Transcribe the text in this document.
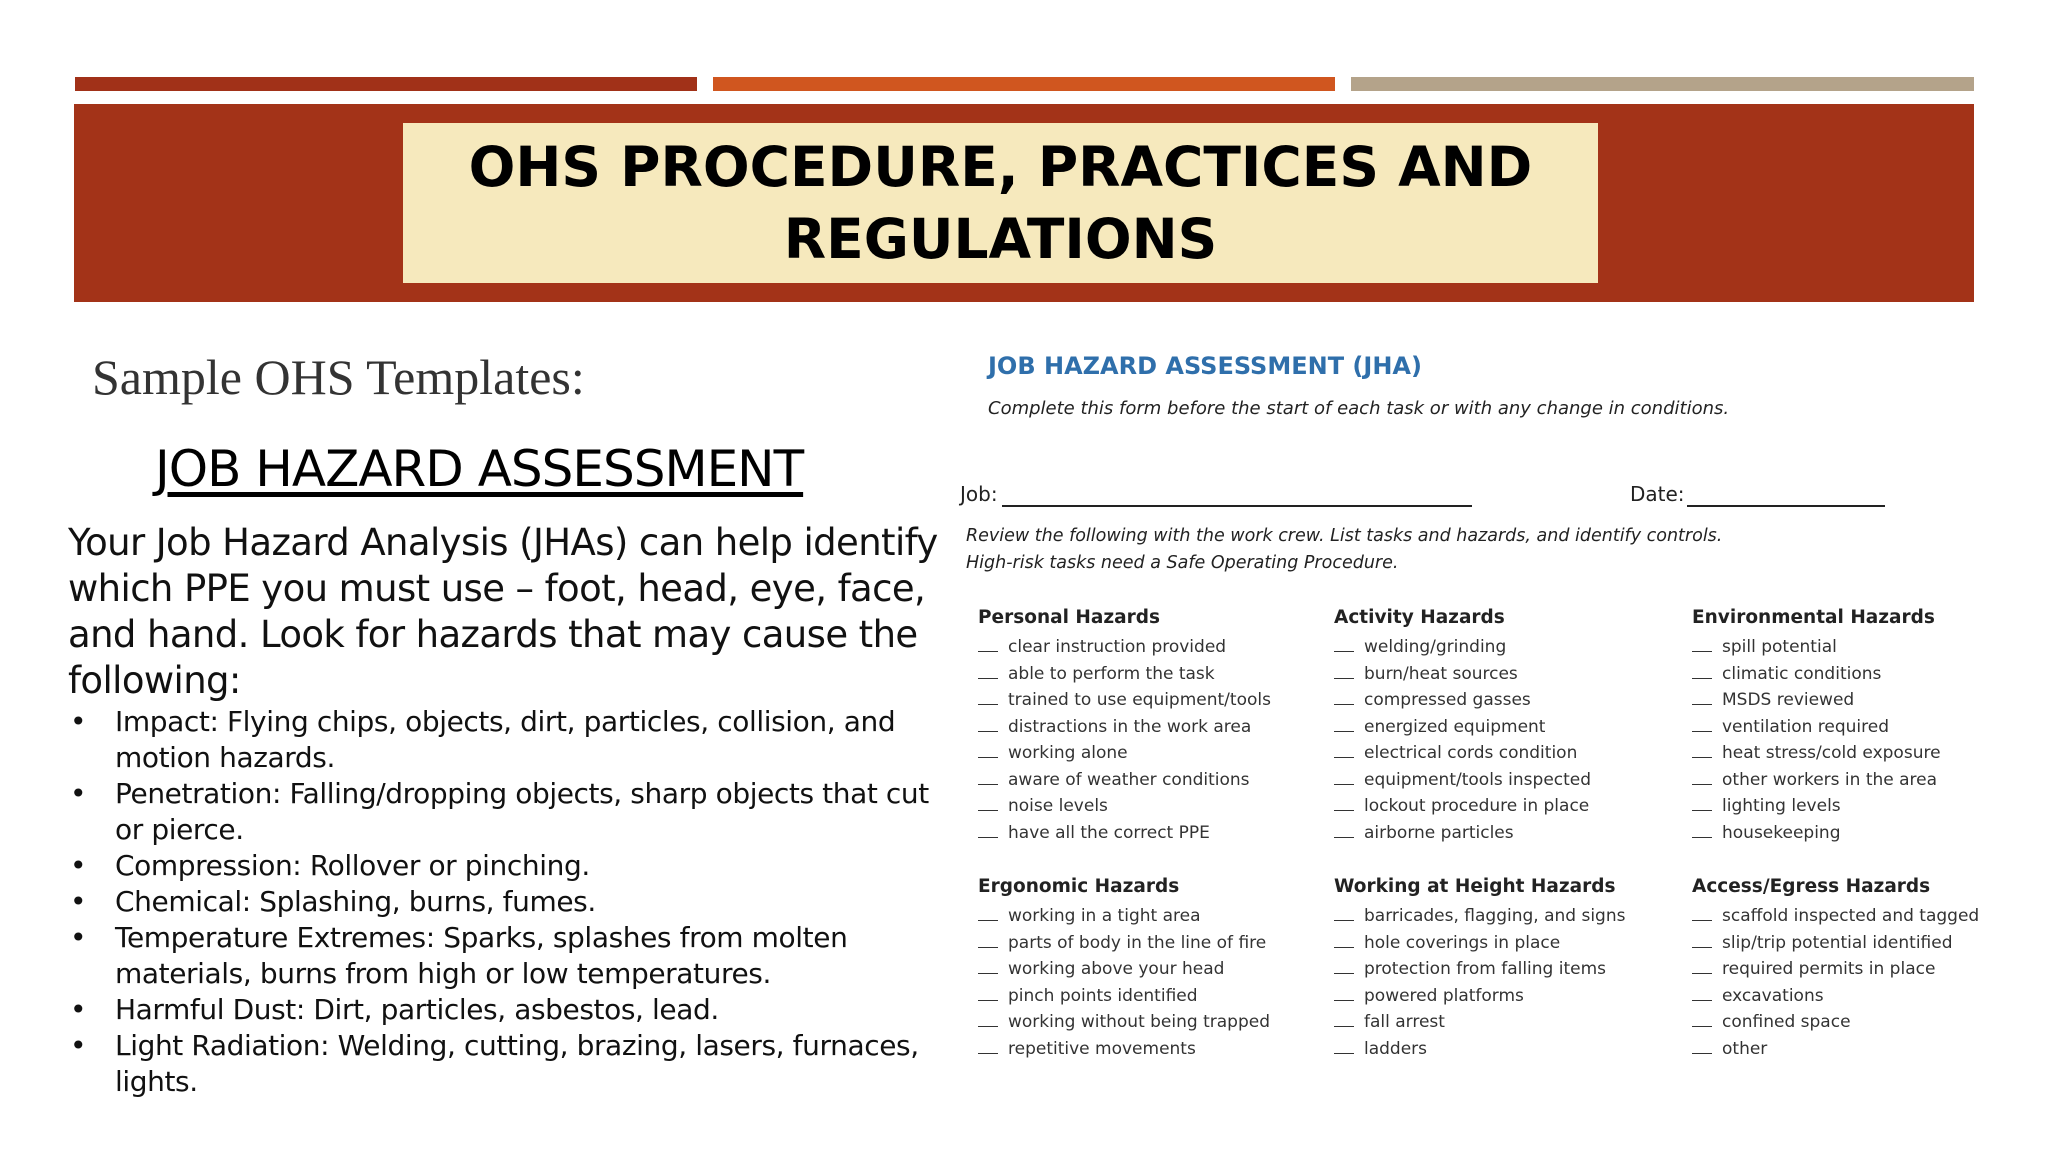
OHS PROCEDURE, PRACTICES AND REGULATIONS
Sample OHS Templates:
JOB HAZARD ASSESSMENT
Your Job Hazard Analysis (JHAs) can help identify which PPE you must use – foot, head, eye, face, and hand. Look for hazards that may cause the following:
• Impact: Flying chips, objects, dirt, particles, collision, and motion hazards.
• Penetration: Falling/dropping objects, sharp objects that cut or pierce.
• Compression: Rollover or pinching.
• Chemical: Splashing, burns, fumes.
• Temperature Extremes: Sparks, splashes from molten materials, burns from high or low temperatures.
• Harmful Dust: Dirt, particles, asbestos, lead.
• Light Radiation: Welding, cutting, brazing, lasers, furnaces, lights.
JOB HAZARD ASSESSMENT (JHA)
Complete this form before the start of each task or with any change in conditions.
Job:	Date:
Review the following with the work crew. List tasks and hazards, and identify controls.
High-risk tasks need a Safe Operating Procedure.
Personal Hazards
clear instruction provided
able to perform the task
trained to use equipment/tools
distractions in the work area
working alone
aware of weather conditions
noise levels
have all the correct PPE
Activity Hazards
welding/grinding
burn/heat sources
compressed gasses
energized equipment
electrical cords condition
equipment/tools inspected
lockout procedure in place
airborne particles
Environmental Hazards
spill potential
climatic conditions
MSDS reviewed
ventilation required
heat stress/cold exposure
other workers in the area
lighting levels
housekeeping
Ergonomic Hazards
working in a tight area
parts of body in the line of fire
working above your head
pinch points identified
working without being trapped
repetitive movements
Working at Height Hazards
barricades, flagging, and signs
hole coverings in place
protection from falling items
powered platforms
fall arrest
ladders
Access/Egress Hazards
scaffold inspected and tagged
slip/trip potential identified
required permits in place
excavations
confined space
other
